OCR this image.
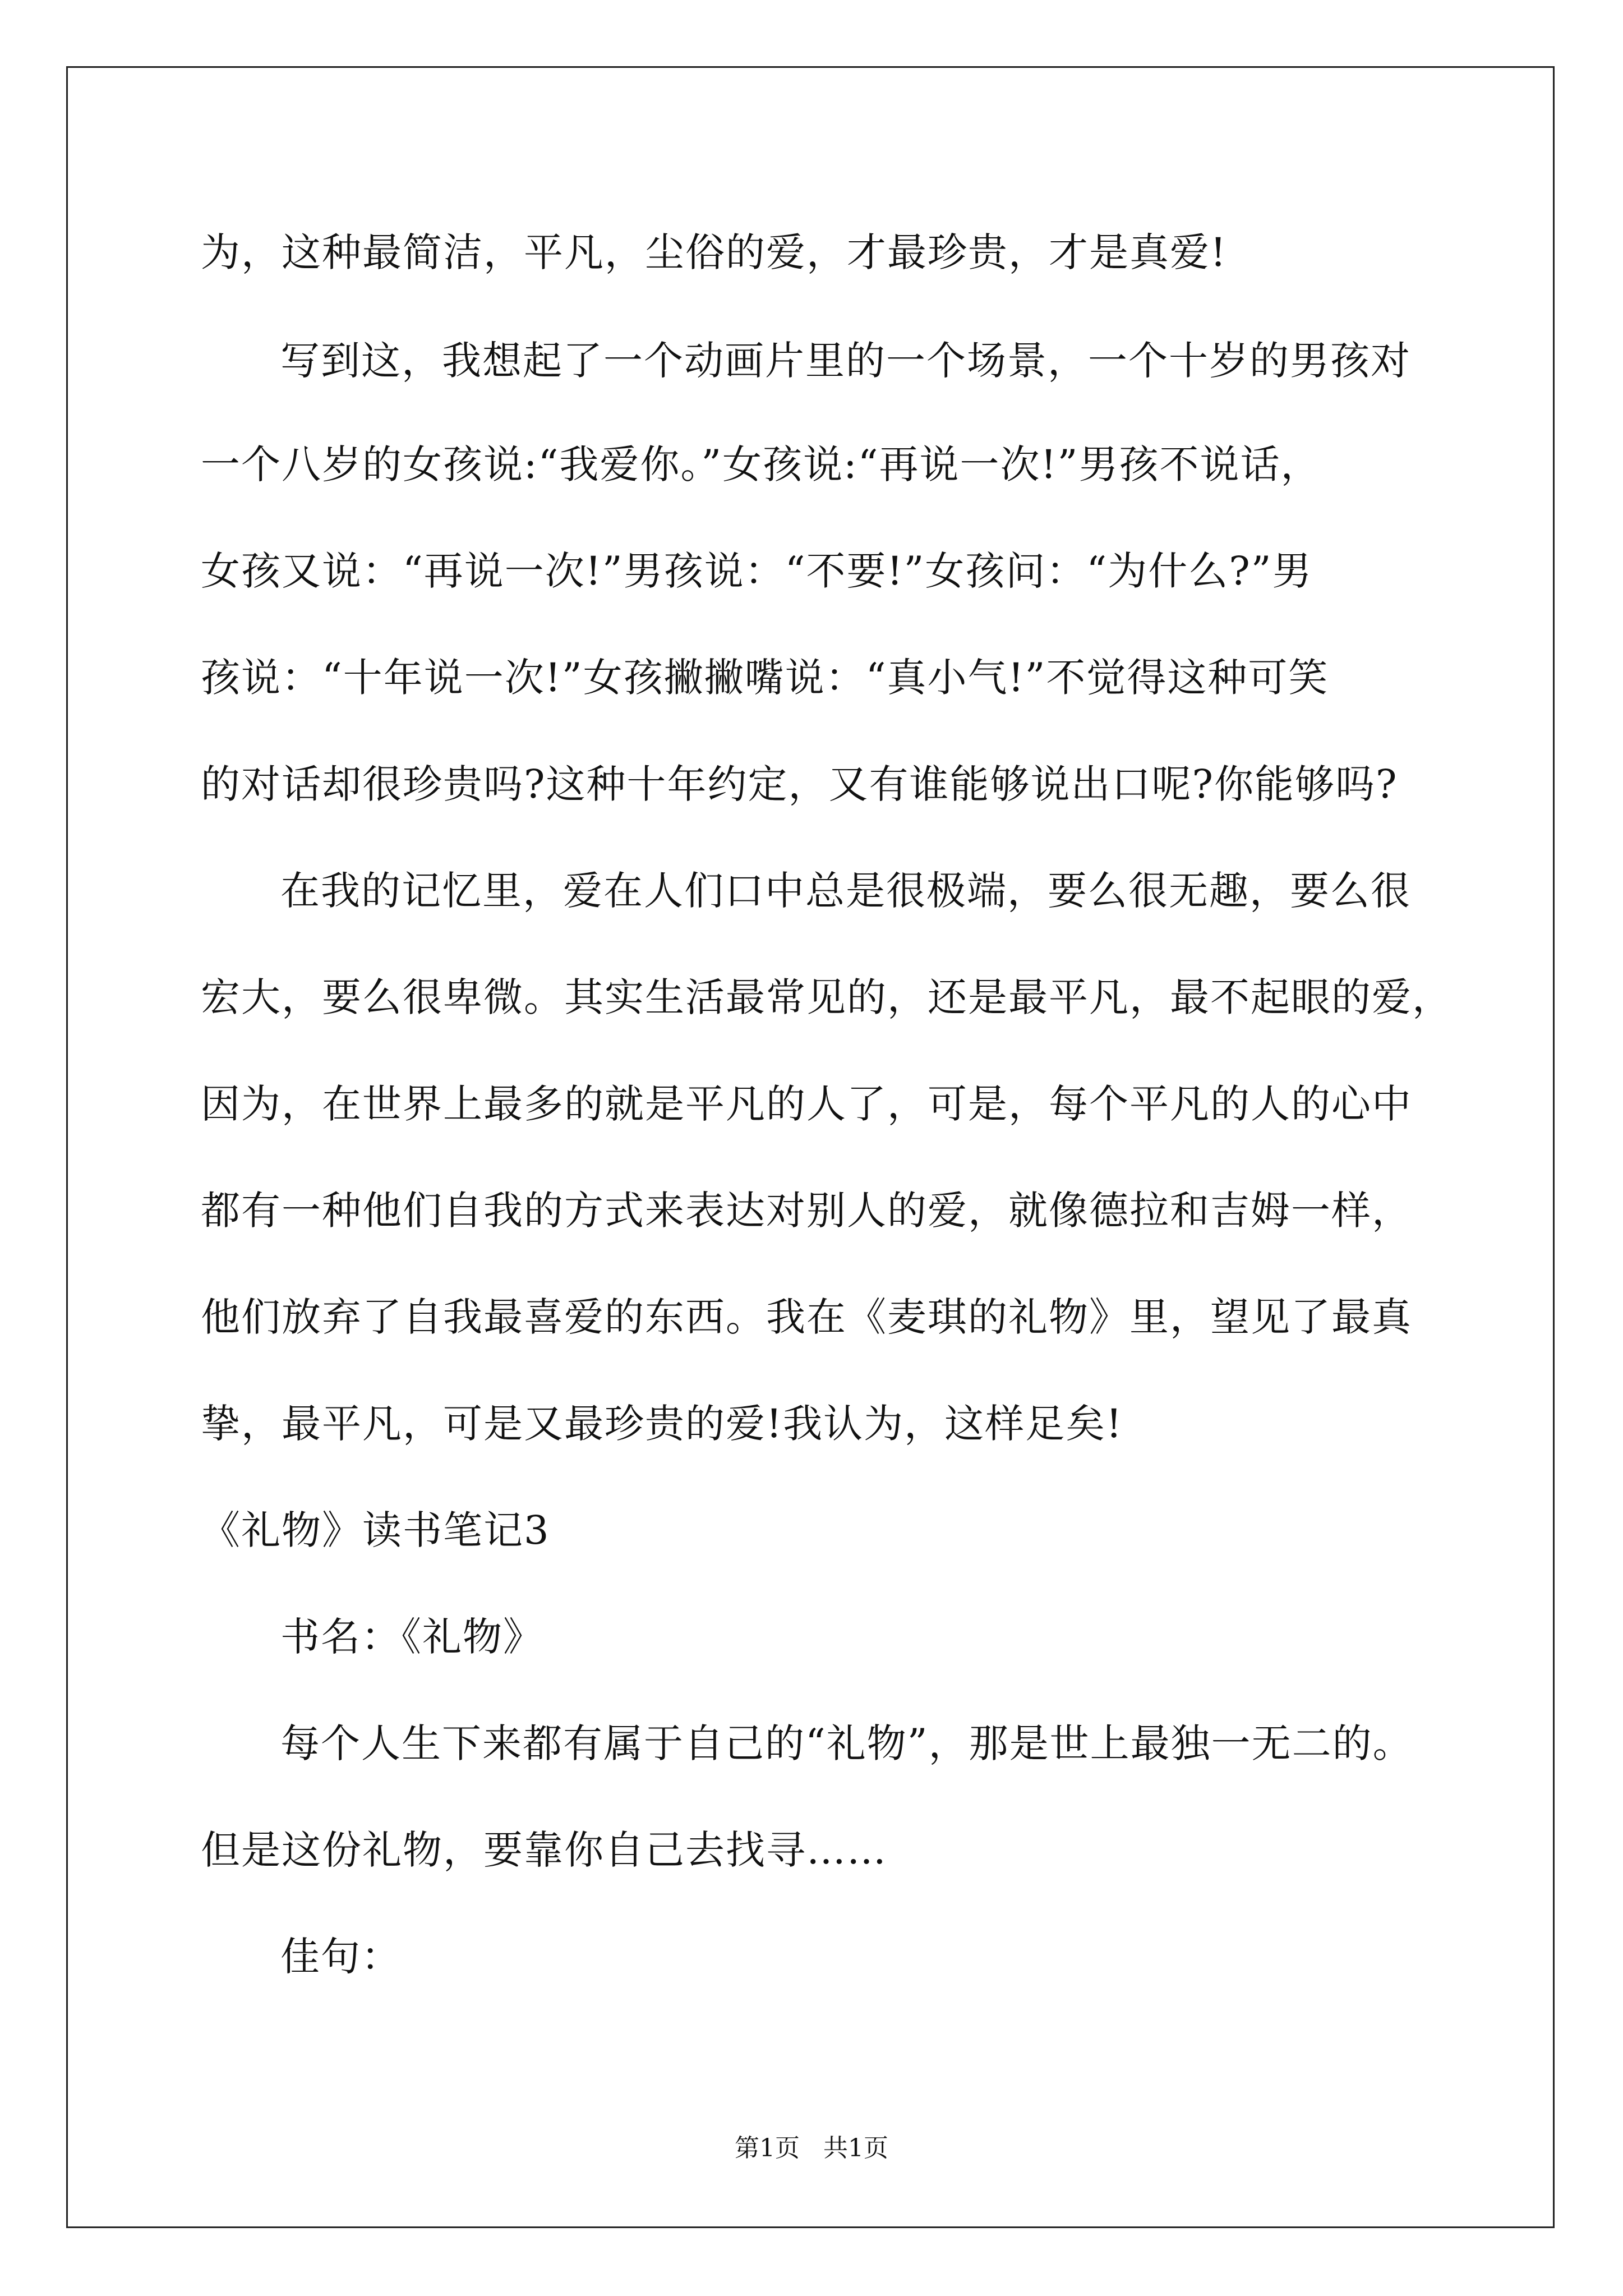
为，这种最简洁，平凡，尘俗的爱，才最珍贵，才是真爱!
写到这，我想起了一个动画片里的一个场景，一个十岁的男孩对
一个八岁的女孩说:“我爱你。”女孩说:“再说一次!”男孩不说话，
女孩又说：“再说一次!”男孩说：“不要!”女孩问：“为什么?”男
孩说：“十年说一次!”女孩撇撇嘴说：“真小气!”不觉得这种可笑
的对话却很珍贵吗?这种十年约定，又有谁能够说出口呢?你能够吗?
在我的记忆里，爱在人们口中总是很极端，要么很无趣，要么很
宏大，要么很卑微。其实生活最常见的，还是最平凡，最不起眼的爱，
因为，在世界上最多的就是平凡的人了，可是，每个平凡的人的心中
都有一种他们自我的方式来表达对别人的爱，就像德拉和吉姆一样，
他们放弃了自我最喜爱的东西。我在《麦琪的礼物》里，望见了最真
挚，最平凡，可是又最珍贵的爱!我认为，这样足矣!
《礼物》读书笔记3
书名：《礼物》
每个人生下来都有属于自己的“礼物”，那是世上最独一无二的。
但是这份礼物，要靠你自己去找寻……
佳句：
第1页   共1页
